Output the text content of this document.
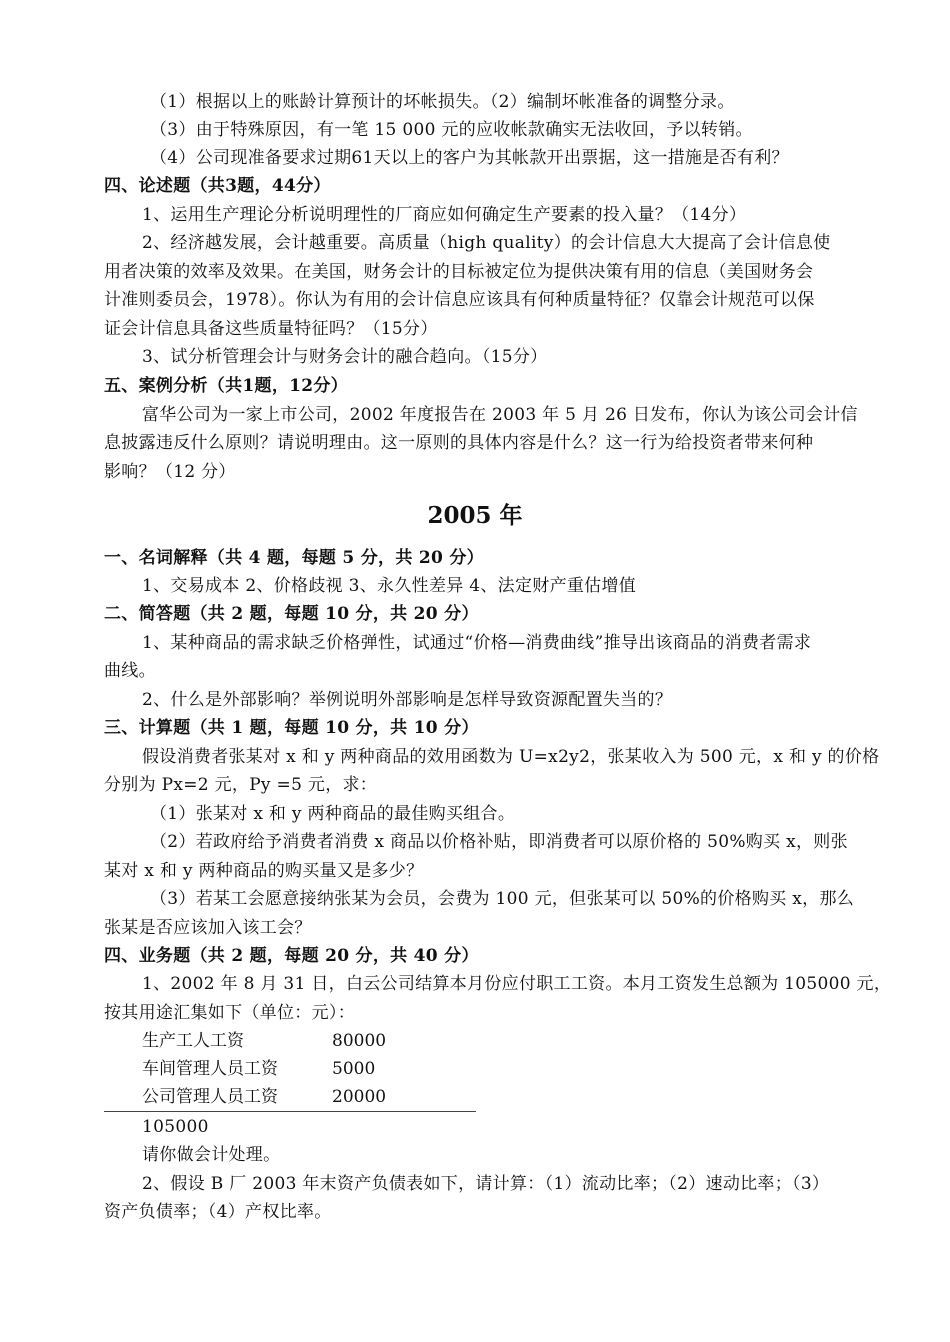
（1）根据以上的账龄计算预计的坏帐损失。（2）编制坏帐准备的调整分录。
（3）由于特殊原因，有一笔 15 000 元的应收帐款确实无法收回，予以转销。
（4）公司现准备要求过期61天以上的客户为其帐款开出票据，这一措施是否有利？
四、论述题（共3题，44分）
1、运用生产理论分析说明理性的厂商应如何确定生产要素的投入量？（14分）
2、经济越发展，会计越重要。高质量（high quality）的会计信息大大提高了会计信息使
用者决策的效率及效果。在美国，财务会计的目标被定位为提供决策有用的信息（美国财务会
计准则委员会，1978）。你认为有用的会计信息应该具有何种质量特征？仅靠会计规范可以保
证会计信息具备这些质量特征吗？（15分）
3、试分析管理会计与财务会计的融合趋向。（15分）
五、案例分析（共1题，12分）
富华公司为一家上市公司，2002 年度报告在 2003 年 5 月 26 日发布，你认为该公司会计信
息披露违反什么原则？请说明理由。这一原则的具体内容是什么？这一行为给投资者带来何种
影响？（12 分）
2005 年
一、名词解释（共 4 题，每题 5 分，共 20 分）
1、交易成本 2、价格歧视 3、永久性差异 4、法定财产重估增值
二、简答题（共 2 题，每题 10 分，共 20 分）
1、某种商品的需求缺乏价格弹性，试通过“价格—消费曲线”推导出该商品的消费者需求
曲线。
2、什么是外部影响？举例说明外部影响是怎样导致资源配置失当的？
三、计算题（共 1 题，每题 10 分，共 10 分）
假设消费者张某对 x 和 y 两种商品的效用函数为 U=x2y2，张某收入为 500 元，x 和 y 的价格
分别为 Px=2 元，Py =5 元，求：
（1）张某对 x 和 y 两种商品的最佳购买组合。
（2）若政府给予消费者消费 x 商品以价格补贴，即消费者可以原价格的 50%购买 x，则张
某对 x 和 y 两种商品的购买量又是多少？
（3）若某工会愿意接纳张某为会员，会费为 100 元，但张某可以 50%的价格购买 x，那么
张某是否应该加入该工会？
四、业务题（共 2 题，每题 20 分，共 40 分）
1、2002 年 8 月 31 日，白云公司结算本月份应付职工工资。本月工资发生总额为 105000 元，
按其用途汇集如下（单位：元）：
生产工人工资	80000
车间管理人员工资	5000
公司管理人员工资	20000
105000
请你做会计处理。
2、假设 B 厂 2003 年末资产负债表如下，请计算：（1）流动比率；（2）速动比率；（3）
资产负债率；（4）产权比率。
